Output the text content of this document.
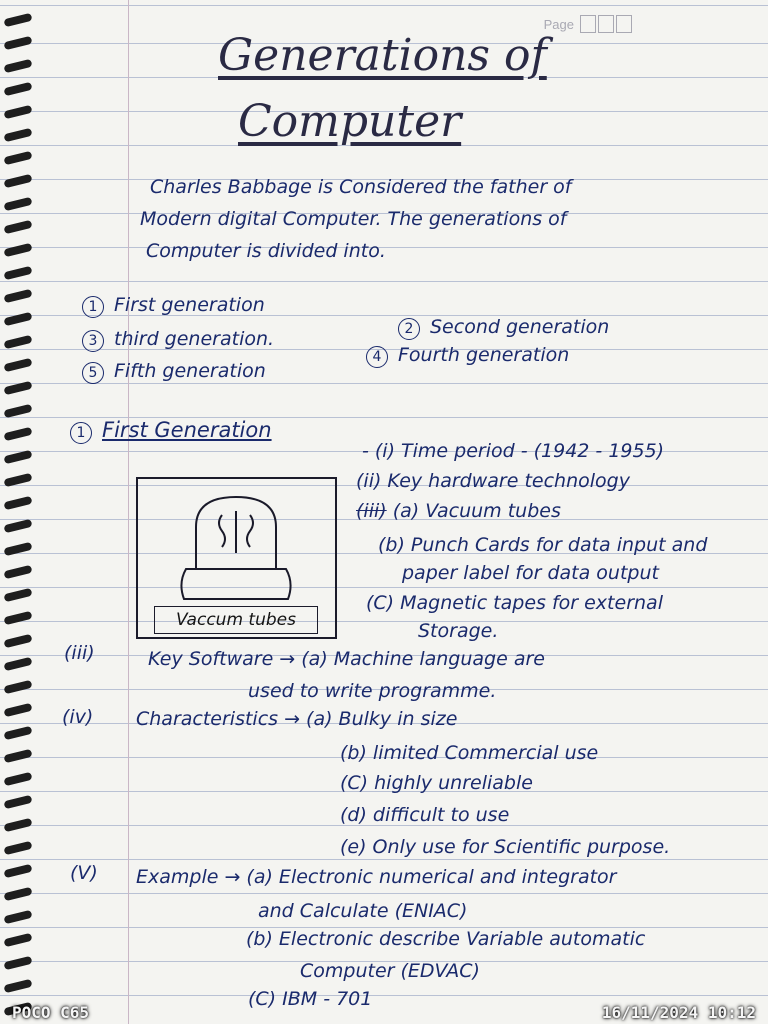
Page
Generations of
Computer
Charles Babbage is Considered the father of
Modern digital Computer. The generations of
Computer is divided into.
1 First generation
2 Second generation
3 third generation.
4 Fourth generation
5 Fifth generation
1 First Generation
- (i) Time period - (1942 - 1955)
(ii) Key hardware technology
(iii) (a) Vacuum tubes
(b) Punch Cards for data input and
paper label for data output
(C) Magnetic tapes for external
Storage.
Vaccum tubes
(iii)	Key Software → (a) Machine language are
used to write programme.
(iv) Characteristics → (a) Bulky in size
(b) limited Commercial use
(C) highly unreliable
(d) difficult to use
(e) Only use for Scientific purpose.
(V) Example → (a) Electronic numerical and integrator
and Calculate (ENIAC)
(b) Electronic describe Variable automatic
Computer (EDVAC)
(C) IBM - 701
POCO C65	16/11/2024 10:12
